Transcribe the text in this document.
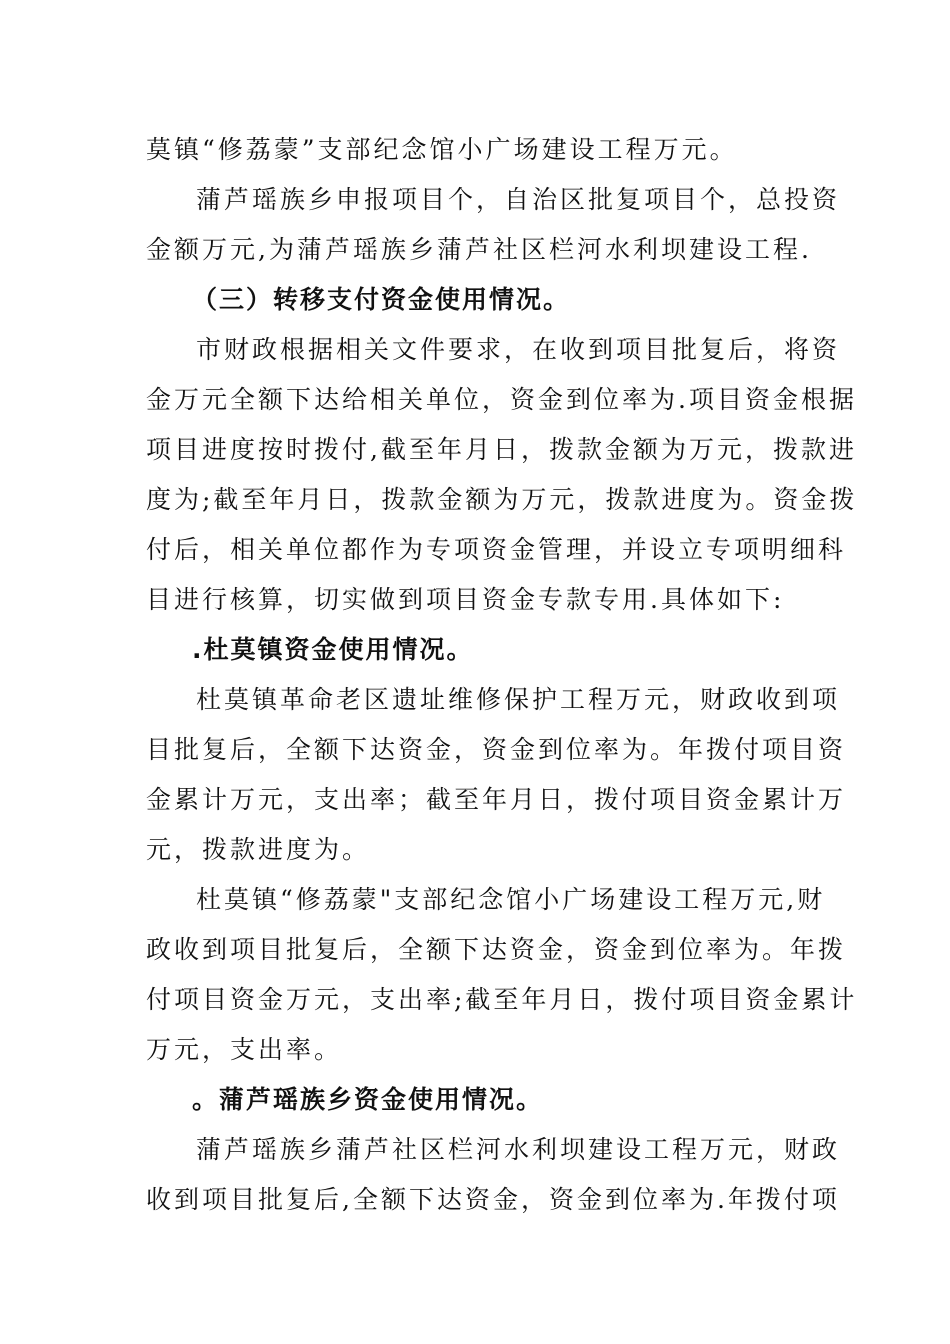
莫镇“修荔蒙”支部纪念馆小广场建设工程万元。
蒲芦瑶族乡申报项目个，自治区批复项目个，总投资
金额万元,为蒲芦瑶族乡蒲芦社区栏河水利坝建设工程.
（三）转移支付资金使用情况。
市财政根据相关文件要求，在收到项目批复后，将资
金万元全额下达给相关单位，资金到位率为.项目资金根据
项目进度按时拨付,截至年月日，拨款金额为万元，拨款进
度为;截至年月日，拨款金额为万元，拨款进度为。资金拨
付后，相关单位都作为专项资金管理，并设立专项明细科
目进行核算，切实做到项目资金专款专用.具体如下:
.杜莫镇资金使用情况。
杜莫镇革命老区遗址维修保护工程万元，财政收到项
目批复后，全额下达资金，资金到位率为。年拨付项目资
金累计万元，支出率；截至年月日，拨付项目资金累计万
元，拨款进度为。
杜莫镇“修荔蒙"支部纪念馆小广场建设工程万元,财
政收到项目批复后，全额下达资金，资金到位率为。年拨
付项目资金万元，支出率;截至年月日，拨付项目资金累计
万元，支出率。
。蒲芦瑶族乡资金使用情况。
蒲芦瑶族乡蒲芦社区栏河水利坝建设工程万元，财政
收到项目批复后,全额下达资金，资金到位率为.年拨付项
